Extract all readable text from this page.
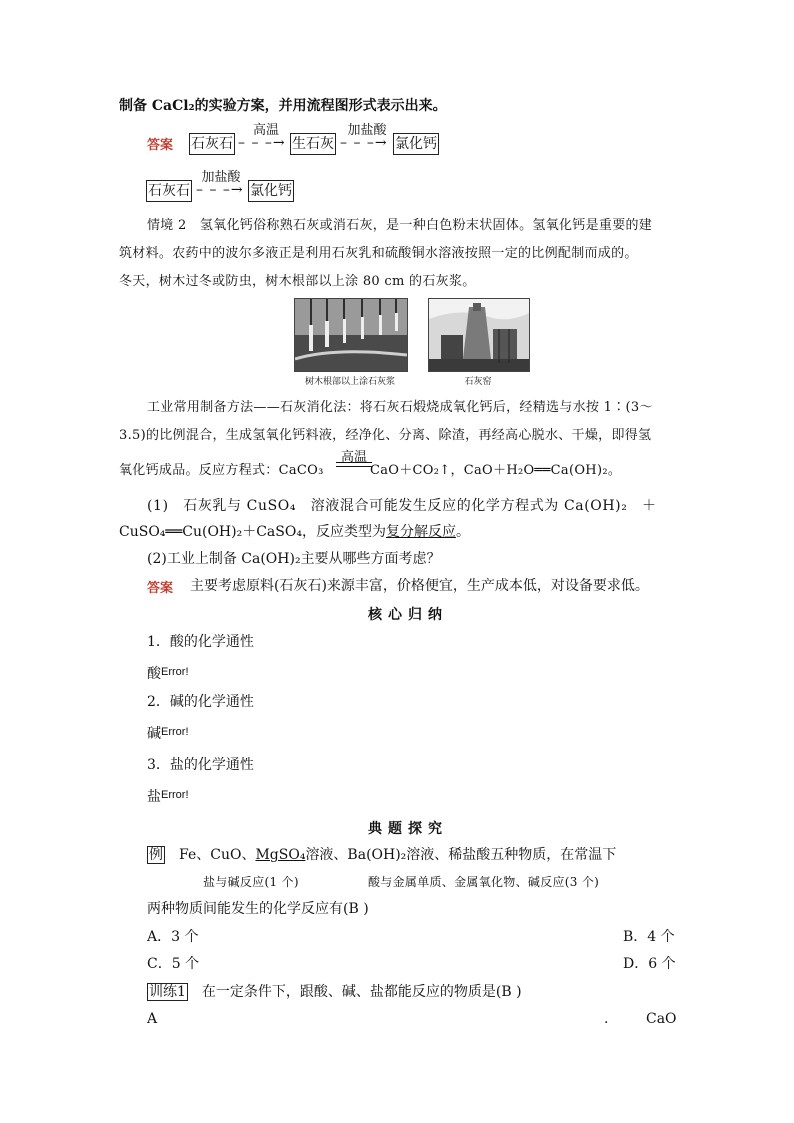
制备 CaCl₂的实验方案，并用流程图形式表示出来。
答案 石灰石
高温
– – –→ 生石灰
加盐酸
– – –→ 氯化钙
石灰石
加盐酸
– – –→ 氯化钙
情境 2　氢氧化钙俗称熟石灰或消石灰，是一种白色粉末状固体。氢氧化钙是重要的建
筑材料。农药中的波尔多液正是利用石灰乳和硫酸铜水溶液按照一定的比例配制而成的。
冬天，树木过冬或防虫，树木根部以上涂 80 cm 的石灰浆。
树木根部以上涂石灰浆	石灰窑
工业常用制备方法——石灰消化法：将石灰石煅烧成氧化钙后，经精选与水按 1∶(3～
3.5)的比例混合，生成氢氧化钙料液，经净化、分离、除渣，再经高心脱水、干燥，即得氢
氧化钙成品。反应方程式：CaCO₃
高温
CaO＋CO₂↑，CaO＋H₂O══Ca(OH)₂。
(1)　石灰乳与 CuSO₄　溶液混合可能发生反应的化学方程式为 Ca(OH)₂　＋
CuSO₄══Cu(OH)₂＋CaSO₄，反应类型为复分解反应。
(2)工业上制备 Ca(OH)₂主要从哪些方面考虑？
答案 主要考虑原料(石灰石)来源丰富，价格便宜，生产成本低，对设备要求低。
核心归纳
1．酸的化学通性
酸$^{Error!}$
2．碱的化学通性
碱$^{Error!}$
3．盐的化学通性
盐$^{Error!}$
典题探究
例　 Fe、CuO、MgSO₄溶液、Ba(OH)₂溶液、稀盐酸五种物质，在常温下
盐与碱反应(1 个)	酸与金属单质、金属氧化物、碱反应(3 个)
两种物质间能发生的化学反应有(B )
A．3 个	B．4 个
C．5 个	D．6 个
训练1　 在一定条件下，跟酸、碱、盐都能反应的物质是(B )
A	.	CaO
